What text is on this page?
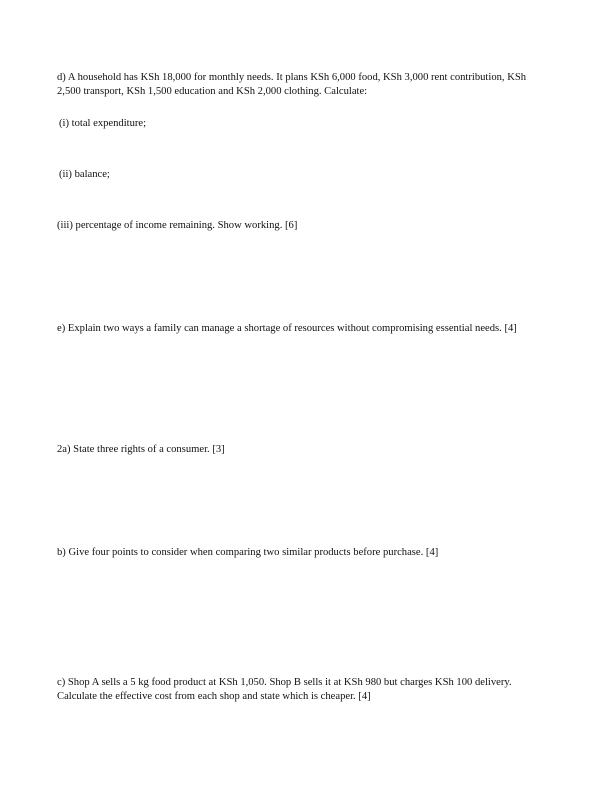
d) A household has KSh 18,000 for monthly needs. It plans KSh 6,000 food, KSh 3,000 rent contribution, KSh 2,500 transport, KSh 1,500 education and KSh 2,000 clothing. Calculate:

(i) total expenditure;

(ii) balance;

(iii) percentage of income remaining. Show working. [6]

e) Explain two ways a family can manage a shortage of resources without compromising essential needs. [4]

2a) State three rights of a consumer. [3]

b) Give four points to consider when comparing two similar products before purchase. [4]

c) Shop A sells a 5 kg food product at KSh 1,050. Shop B sells it at KSh 980 but charges KSh 100 delivery. Calculate the effective cost from each shop and state which is cheaper. [4]
